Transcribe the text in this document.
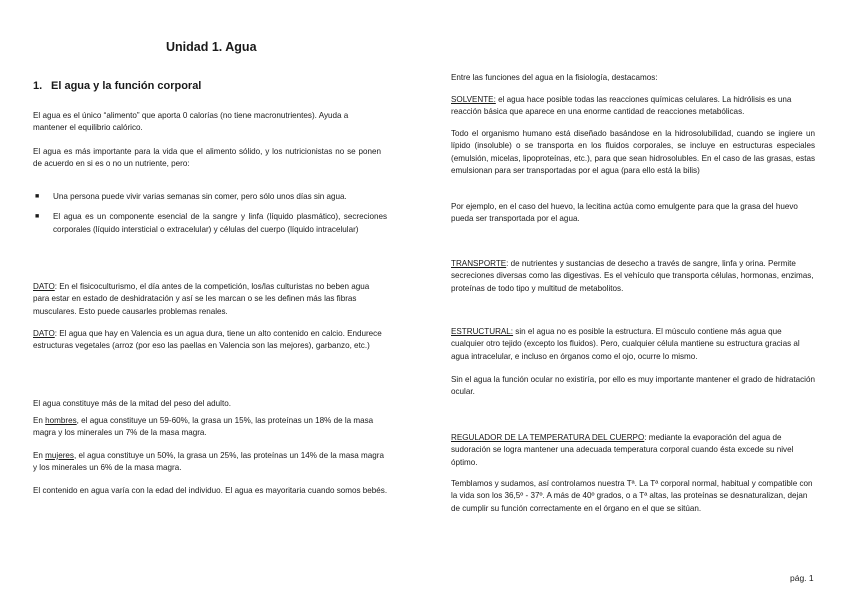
Unidad 1. Agua
1. El agua y la función corporal

El agua es el único “alimento” que aporta 0 calorías (no tiene macronutrientes). Ayuda a mantener el equilibrio calórico.

El agua es más importante para la vida que el alimento sólido, y los nutricionistas no se ponen de acuerdo en si es o no un nutriente, pero:

■ Una persona puede vivir varias semanas sin comer, pero sólo unos días sin agua.
■ El agua es un componente esencial de la sangre y linfa (líquido plasmático), secreciones corporales (líquido intersticial o extracelular) y células del cuerpo (líquido intracelular)

DATO: En el fisicoculturismo, el día antes de la competición, los/las culturistas no beben agua para estar en estado de deshidratación y así se les marcan o se les definen más las fibras musculares. Esto puede causarles problemas renales.

DATO: El agua que hay en Valencia es un agua dura, tiene un alto contenido en calcio. Endurece estructuras vegetales (arroz (por eso las paellas en Valencia son las mejores), garbanzo, etc.)

El agua constituye más de la mitad del peso del adulto.

En hombres, el agua constituye un 59-60%, la grasa un 15%, las proteínas un 18% de la masa magra y los minerales un 7% de la masa magra.

En mujeres, el agua constituye un 50%, la grasa un 25%, las proteínas un 14% de la masa magra y los minerales un 6% de la masa magra.

El contenido en agua varía con la edad del individuo. El agua es mayoritaria cuando somos bebés.

Entre las funciones del agua en la fisiología, destacamos:

SOLVENTE: el agua hace posible todas las reacciones químicas celulares. La hidrólisis es una reacción básica que aparece en una enorme cantidad de reacciones metabólicas.

Todo el organismo humano está diseñado basándose en la hidrosolubilidad, cuando se ingiere un lípido (insoluble) o se transporta en los fluidos corporales, se incluye en estructuras especiales (emulsión, micelas, lipoproteínas, etc.), para que sean hidrosolubles. En el caso de las grasas, estas emulsionan para ser transportadas por el agua (para ello está la bilis)

Por ejemplo, en el caso del huevo, la lecitina actúa como emulgente para que la grasa del huevo pueda ser transportada por el agua.

TRANSPORTE: de nutrientes y sustancias de desecho a través de sangre, linfa y orina. Permite secreciones diversas como las digestivas. Es el vehículo que transporta células, hormonas, enzimas, proteínas de todo tipo y multitud de metabolitos.

ESTRUCTURAL: sin el agua no es posible la estructura. El músculo contiene más agua que cualquier otro tejido (excepto los fluidos). Pero, cualquier célula mantiene su estructura gracias al agua intracelular, e incluso en órganos como el ojo, ocurre lo mismo.

Sin el agua la función ocular no existiría, por ello es muy importante mantener el grado de hidratación ocular.

REGULADOR DE LA TEMPERATURA DEL CUERPO: mediante la evaporación del agua de sudoración se logra mantener una adecuada temperatura corporal cuando ésta excede su nivel óptimo.

Temblamos y sudamos, así controlamos nuestra Tª. La Tª corporal normal, habitual y compatible con la vida son los 36,5º - 37º. A más de 40º grados, o a Tª altas, las proteínas se desnaturalizan, dejan de cumplir su función correctamente en el órgano en el que se sitúan.

pág. 1
